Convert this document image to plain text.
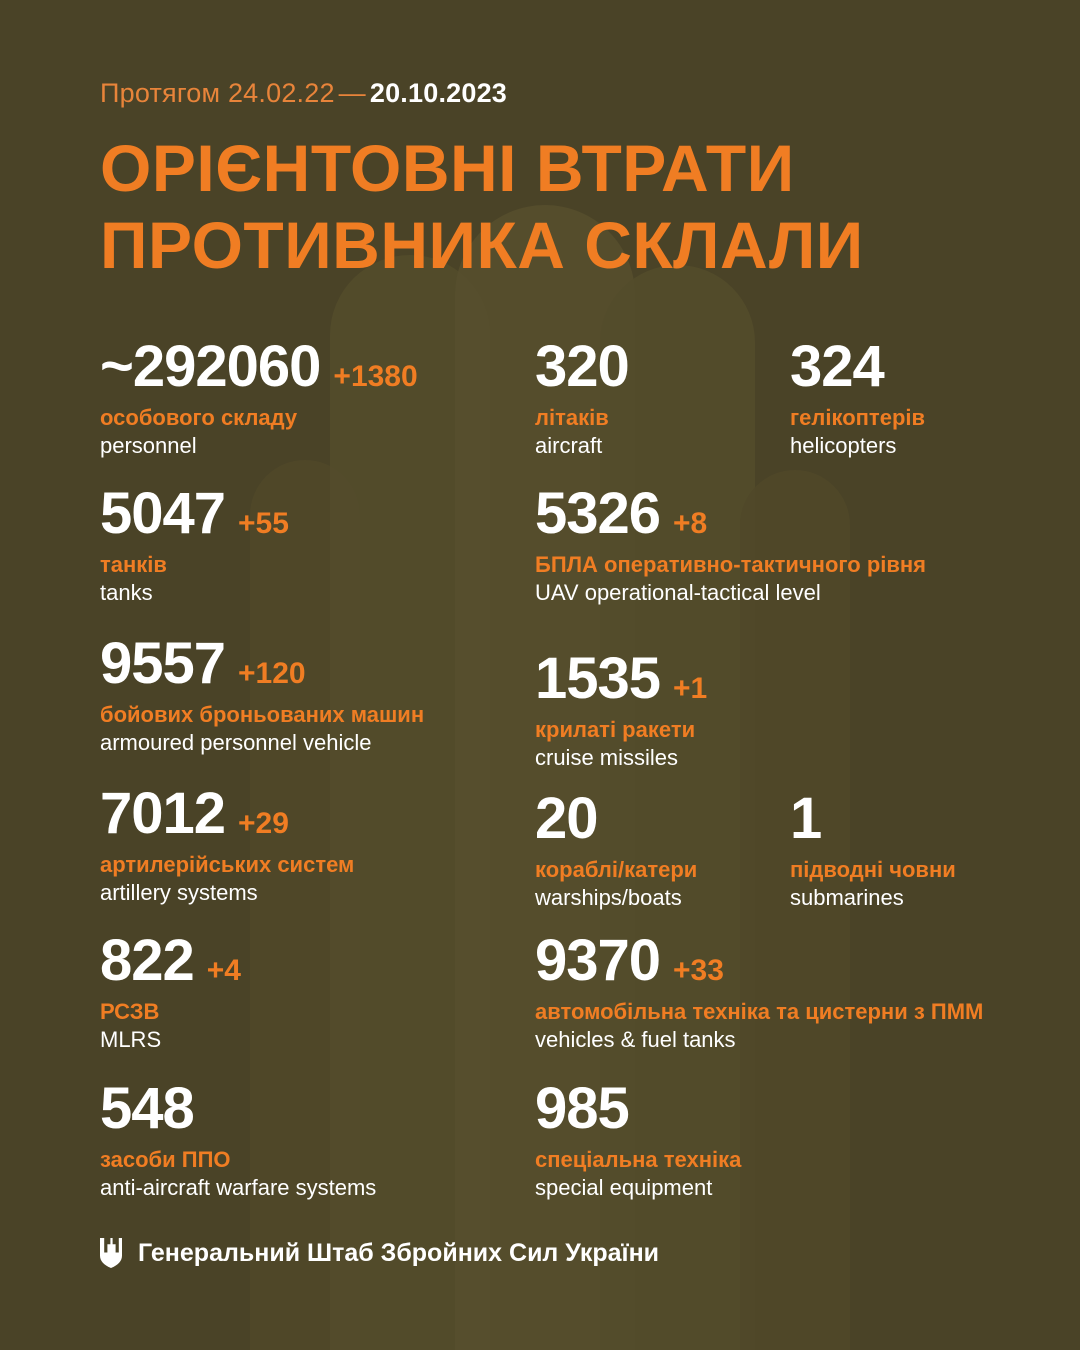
Протягом 24.02.22 — 20.10.2023
ОРІЄНТОВНІ ВТРАТИ
ПРОТИВНИКА СКЛАЛИ
~292060 +1380
особового складу
personnel
320
літаків
aircraft
324
гелікоптерів
helicopters
5047 +55
танків
tanks
5326 +8
БПЛА оперативно-тактичного рівня
UAV operational-tactical level
9557 +120
бойових броньованих машин
armoured personnel vehicle
1535 +1
крилаті ракети
cruise missiles
7012 +29
артилерійських систем
artillery systems
20
кораблі/катери
warships/boats
1
підводні човни
submarines
822 +4
РСЗВ
MLRS
9370 +33
автомобільна техніка та цистерни з ПММ
vehicles & fuel tanks
548
засоби ППО
anti-aircraft warfare systems
985
спеціальна техніка
special equipment
Генеральний Штаб Збройних Сил України
